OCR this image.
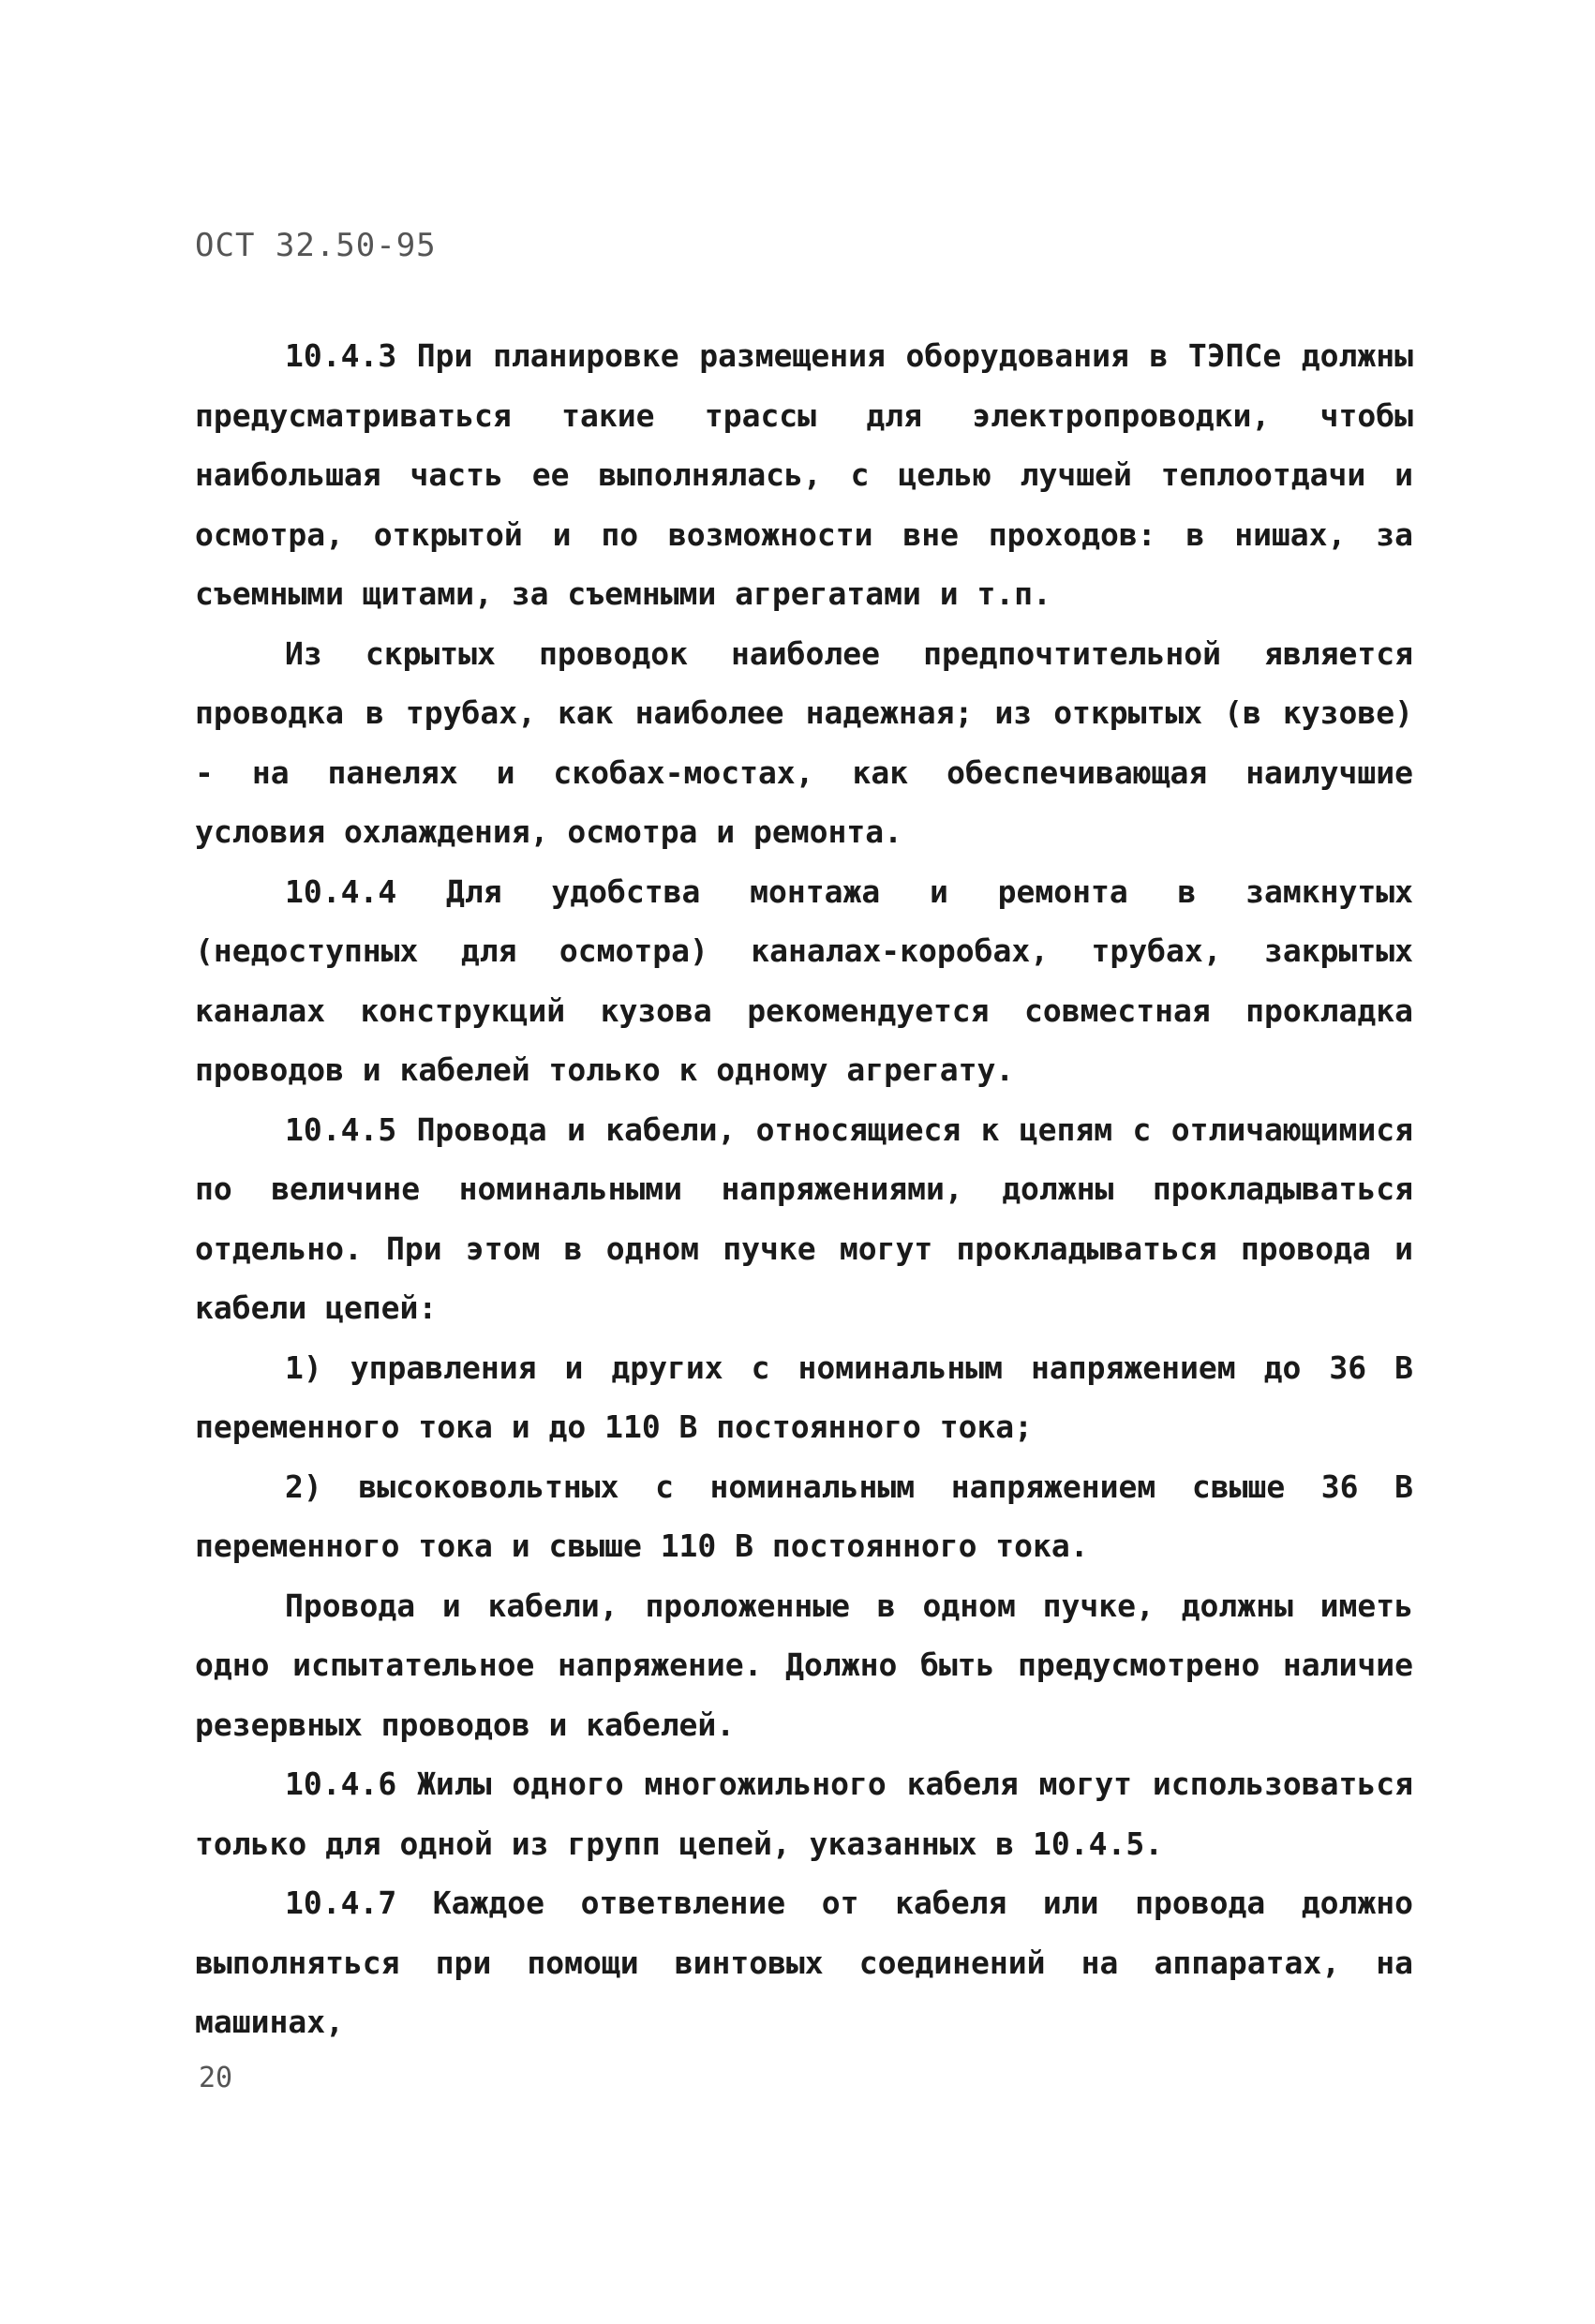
ОСТ 32.50-95

10.4.3 При планировке размещения оборудования в ТЭПСе должны предусматриваться такие трассы для электропроводки, чтобы наибольшая часть ее выполнялась, с целью лучшей теплоотдачи и осмотра, открытой и по возможности вне проходов: в нишах, за съемными щитами, за съемными агрегатами и т.п.

Из скрытых проводок наиболее предпочтительной является проводка в трубах, как наиболее надежная; из открытых (в кузове) - на панелях и скобах-мостах, как обеспечивающая наилучшие условия охлаждения, осмотра и ремонта.

10.4.4 Для удобства монтажа и ремонта в замкнутых (недоступных для осмотра) каналах-коробах, трубах, закрытых каналах конструкций кузова рекомендуется совместная прокладка проводов и кабелей только к одному агрегату.

10.4.5 Провода и кабели, относящиеся к цепям с отличающимися по величине номинальными напряжениями, должны прокладываться отдельно. При этом в одном пучке могут прокладываться провода и кабели цепей:

1) управления и других с номинальным напряжением до 36 В переменного тока и до 110 В постоянного тока;

2) высоковольтных с номинальным напряжением свыше 36 В переменного тока и свыше 110 В постоянного тока.

Провода и кабели, проложенные в одном пучке, должны иметь одно испытательное напряжение. Должно быть предусмотрено наличие резервных проводов и кабелей.

10.4.6 Жилы одного многожильного кабеля могут использоваться только для одной из групп цепей, указанных в 10.4.5.

10.4.7 Каждое ответвление от кабеля или провода должно выполняться при помощи винтовых соединений на аппаратах, на машинах,

20
